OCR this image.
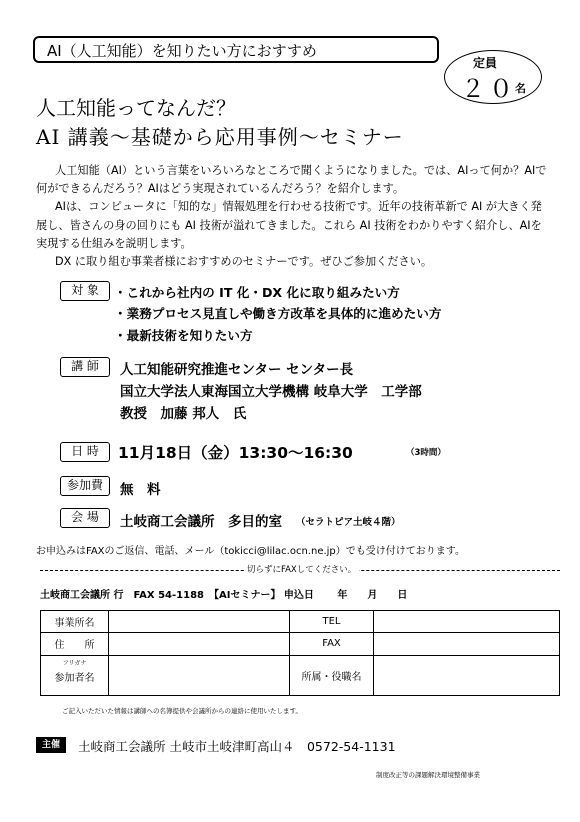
AI（人工知能）を知りたい方におすすめ
定員
２０
名
人工知能ってなんだ？
AI 講義～基礎から応用事例～セミナー

人工知能（AI）という言葉をいろいろなところで聞くようになりました。では、AIって何か？AIで何ができるんだろう？AIはどう実現されているんだろう？を紹介します。

AIは、コンピュータに「知的な」情報処理を行わせる技術です。近年の技術革新で AI が大きく発展し、皆さんの身の回りにも AI 技術が溢れてきました。これら AI 技術をわかりやすく紹介し、AIを実現する仕組みを説明します。

DX に取り組む事業者様におすすめのセミナーです。ぜひご参加ください。

対 象	・これから社内の IT 化・DX 化に取り組みたい方
・業務プロセス見直しや働き方改革を具体的に進めたい方
・最新技術を知りたい方
講 師	人工知能研究推進センター センター長
国立大学法人東海国立大学機構 岐阜大学　工学部
教授　加藤 邦人　氏
日 時	11月18日（金）13:30～16:30	（3時間）
参加費	無　料
会 場	土岐商工会議所　多目的室 （セラトピア土岐４階）
お申込みはFAXのご返信、電話、メール（tokicci@lilac.ocn.ne.jp）でも受け付けております。
切らずにFAXしてください。
土岐商工会議所 行　FAX 54-1188　【AIセミナー】 申込日　　 年　　月　　日
事業所名		TEL	
住　　所		FAX	

フリガナ
参加者名		所属・役職名	
ご記入いただいた情報は講師への名簿提供や会議所からの連絡に使用いたします。
主催	土岐商工会議所 土岐市土岐津町高山４　0572-54-1131
制度改正等の課題解決環境整備事業
